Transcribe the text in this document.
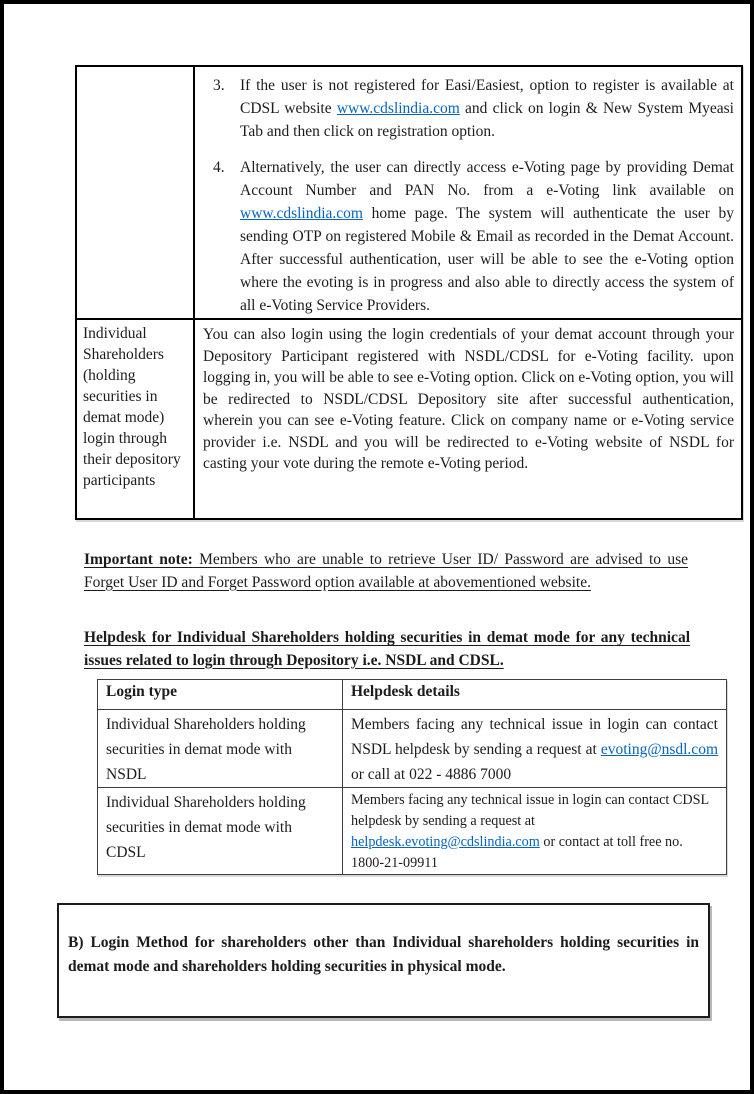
	3. If the user is not registered for Easi/Easiest, option to register is available at CDSL website www.cdslindia.com and click on login & New System Myeasi Tab and then click on registration option.
4. Alternatively, the user can directly access e-Voting page by providing Demat Account Number and PAN No. from a e-Voting link available on www.cdslindia.com home page. The system will authenticate the user by sending OTP on registered Mobile & Email as recorded in the Demat Account. After successful authentication, user will be able to see the e-Voting option where the evoting is in progress and also able to directly access the system of all e-Voting Service Providers.

Individual Shareholders (holding securities in demat mode) login through their depository participants	You can also login using the login credentials of your demat account through your Depository Participant registered with NSDL/CDSL for e-Voting facility. upon logging in, you will be able to see e-Voting option. Click on e-Voting option, you will be redirected to NSDL/CDSL Depository site after successful authentication, wherein you can see e-Voting feature. Click on company name or e-Voting service provider i.e. NSDL and you will be redirected to e-Voting website of NSDL for casting your vote during the remote e-Voting period.

Important note: Members who are unable to retrieve User ID/ Password are advised to use Forget User ID and Forget Password option available at abovementioned website.

Helpdesk for Individual Shareholders holding securities in demat mode for any technical issues related to login through Depository i.e. NSDL and CDSL.

Login type	Helpdesk details
Individual Shareholders holding securities in demat mode with NSDL	Members facing any technical issue in login can contact NSDL helpdesk by sending a request at evoting@nsdl.com or call at 022 - 4886 7000
Individual Shareholders holding securities in demat mode with CDSL	Members facing any technical issue in login can contact CDSL helpdesk by sending a request at helpdesk.evoting@cdslindia.com or contact at toll free no. 1800-21-09911

B) Login Method for shareholders other than Individual shareholders holding securities in demat mode and shareholders holding securities in physical mode.
